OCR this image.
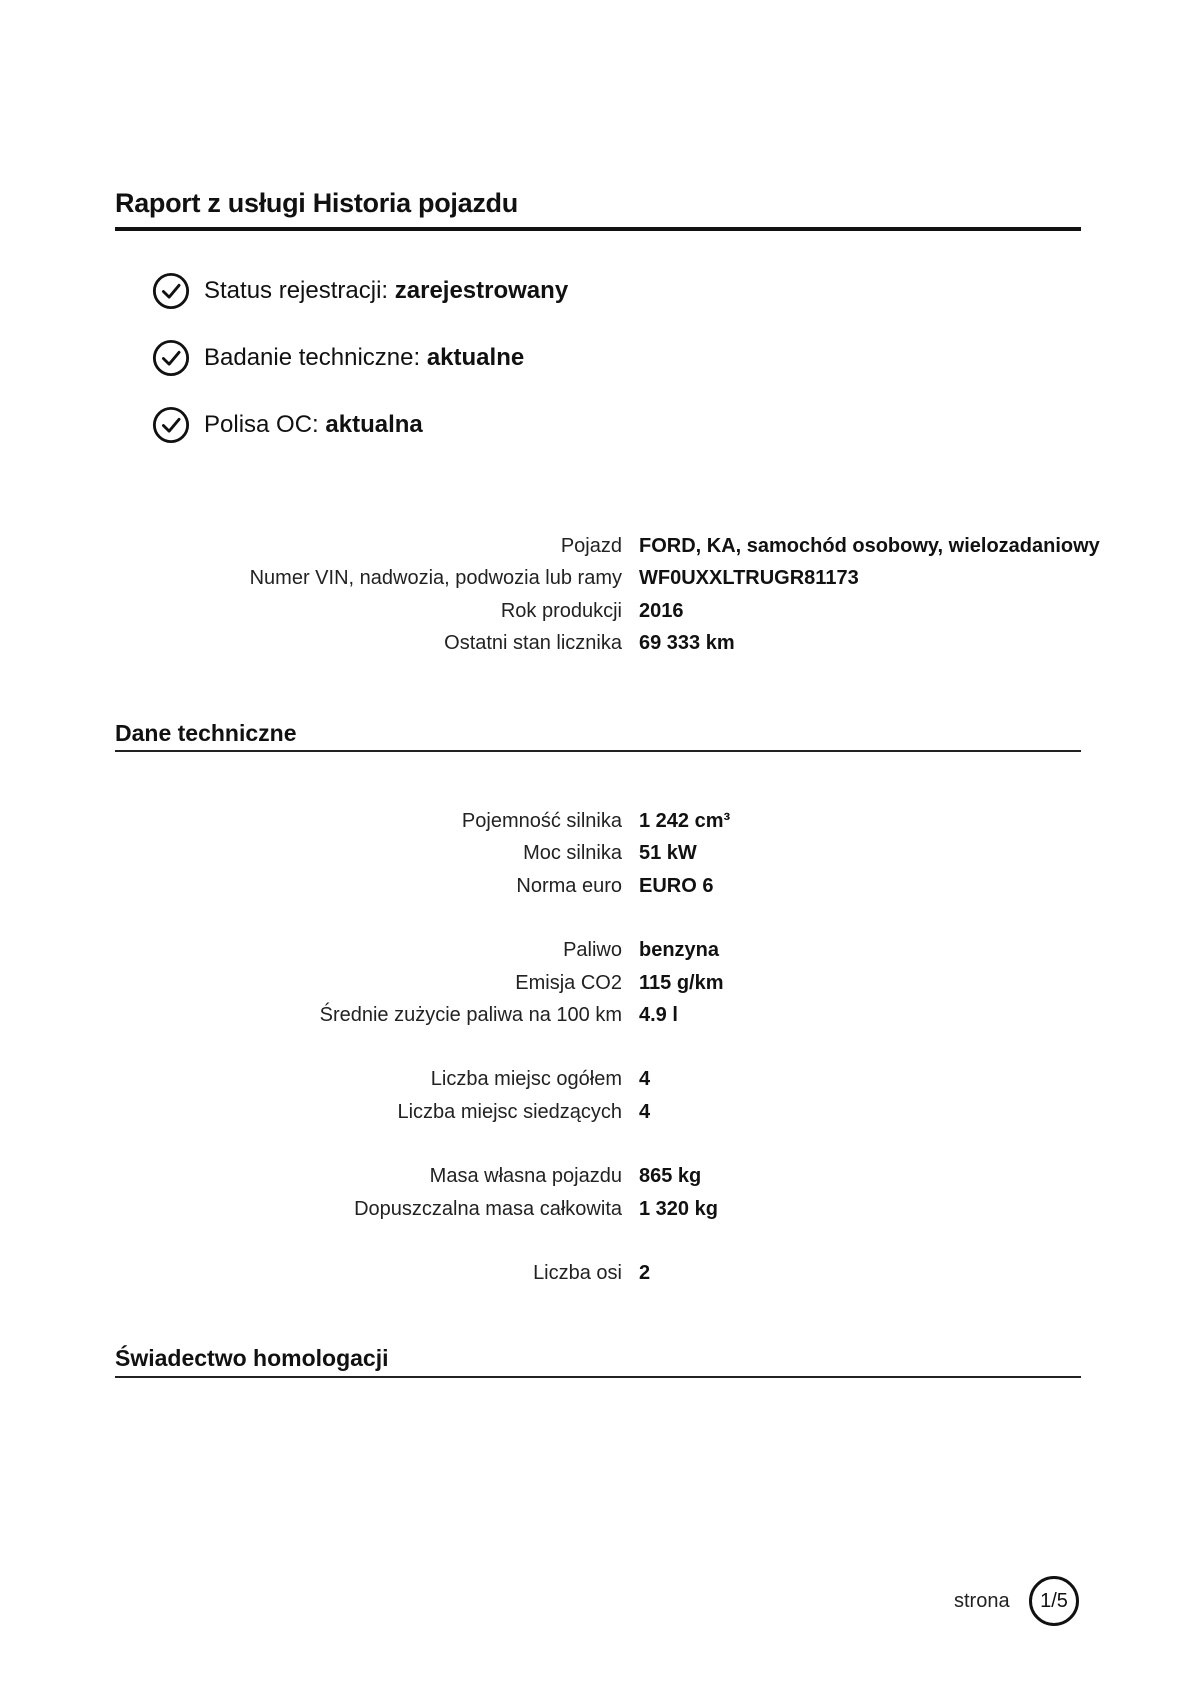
Raport z usługi Historia pojazdu
Status rejestracji:
zarejestrowany
Badanie techniczne:
aktualne
Polisa OC:
aktualna
Pojazd FORD, KA, samochód osobowy, wielozadaniowy
Numer VIN, nadwozia, podwozia lub ramy WF0UXXLTRUGR81173
Rok produkcji 2016
Ostatni stan licznika 69 333 km
Dane techniczne
Pojemność silnika 1 242 cm³
Moc silnika 51 kW
Norma euro EURO 6
Paliwo benzyna
Emisja CO2 115 g/km
Średnie zużycie paliwa na 100 km 4.9 l
Liczba miejsc ogółem 4
Liczba miejsc siedzących 4
Masa własna pojazdu 865 kg
Dopuszczalna masa całkowita 1 320 kg
Liczba osi 2
Świadectwo homologacji
strona 1/5
